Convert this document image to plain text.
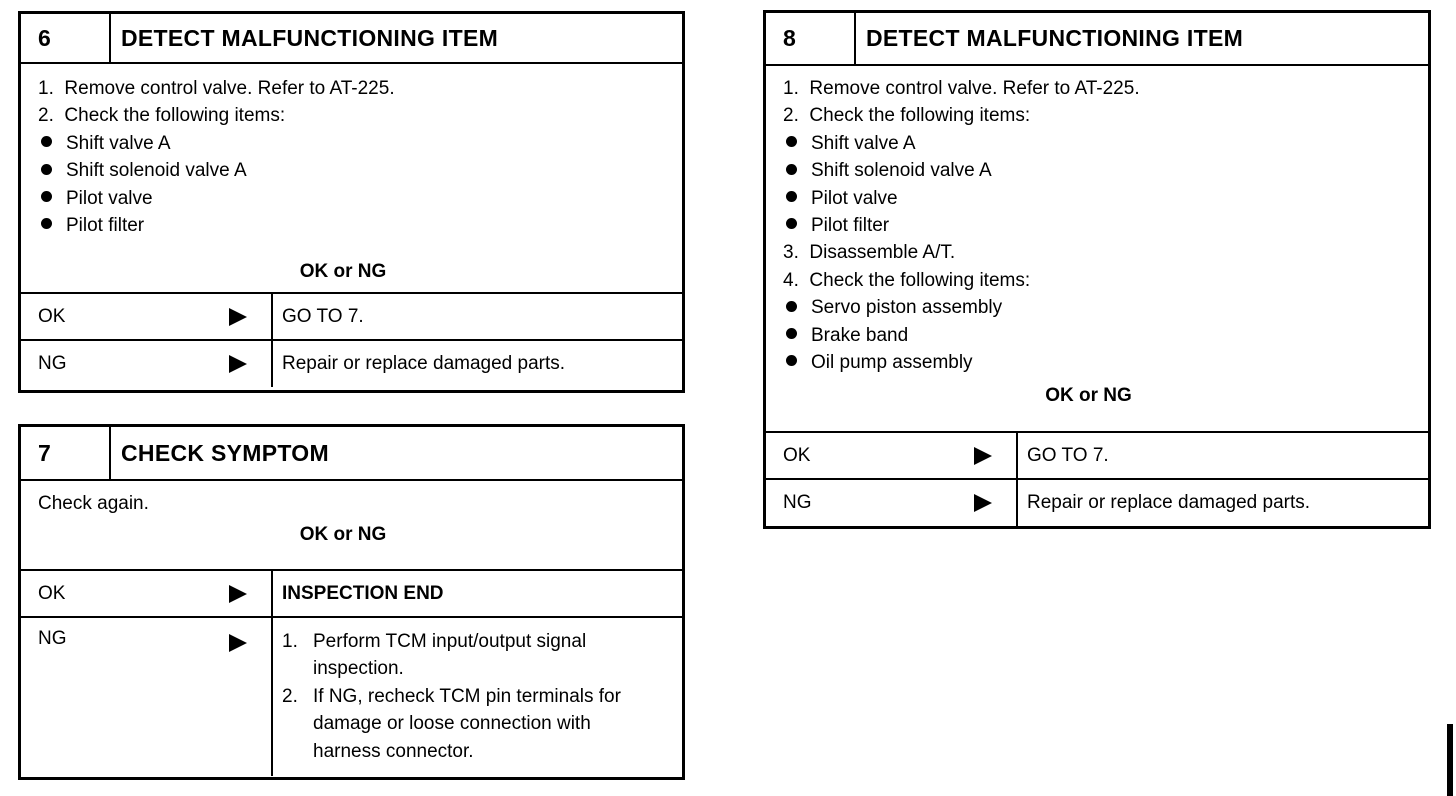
6	DETECT MALFUNCTIONING ITEM
1.  Remove control valve. Refer to AT-225.
2.  Check the following items:
Shift valve A
Shift solenoid valve A
Pilot valve
Pilot filter
OK or NG
OK	GO TO 7.
NG	Repair or replace damaged parts.
7	CHECK SYMPTOM
Check again.
OK or NG
OK	INSPECTION END
NG	1. Perform TCM input/output signal inspection.
2. If NG, recheck TCM pin terminals for damage or loose connection with harness connector.
8	DETECT MALFUNCTIONING ITEM
1.  Remove control valve. Refer to AT-225.
2.  Check the following items:
Shift valve A
Shift solenoid valve A
Pilot valve
Pilot filter
3.  Disassemble A/T.
4.  Check the following items:
Servo piston assembly
Brake band
Oil pump assembly
OK or NG
OK	GO TO 7.
NG	Repair or replace damaged parts.
